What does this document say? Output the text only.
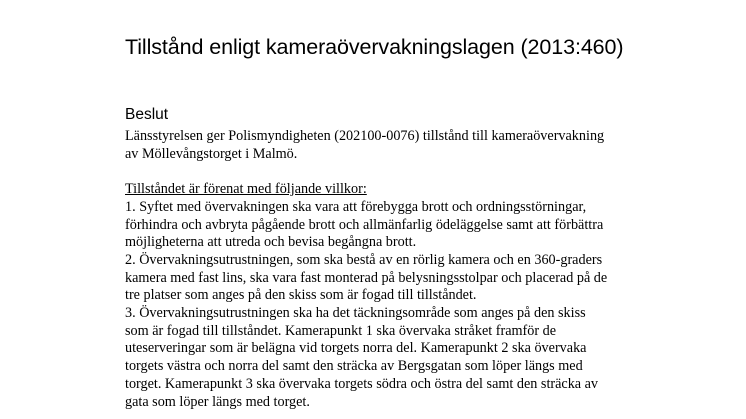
Tillstånd enligt kameraövervakningslagen (2013:460)
Beslut

Länsstyrelsen ger Polismyndigheten (202100-0076) tillstånd till kameraövervakning

av Möllevångstorget i Malmö.

Tillståndet är förenat med följande villkor:

1. Syftet med övervakningen ska vara att förebygga brott och ordningsstörningar,

förhindra och avbryta pågående brott och allmänfarlig ödeläggelse samt att förbättra

möjligheterna att utreda och bevisa begångna brott.

2. Övervakningsutrustningen, som ska bestå av en rörlig kamera och en 360-graders

kamera med fast lins, ska vara fast monterad på belysningsstolpar och placerad på de

tre platser som anges på den skiss som är fogad till tillståndet.

3. Övervakningsutrustningen ska ha det täckningsområde som anges på den skiss

som är fogad till tillståndet. Kamerapunkt 1 ska övervaka stråket framför de

uteserveringar som är belägna vid torgets norra del. Kamerapunkt 2 ska övervaka

torgets västra och norra del samt den sträcka av Bergsgatan som löper längs med

torget. Kamerapunkt 3 ska övervaka torgets södra och östra del samt den sträcka av

gata som löper längs med torget.
